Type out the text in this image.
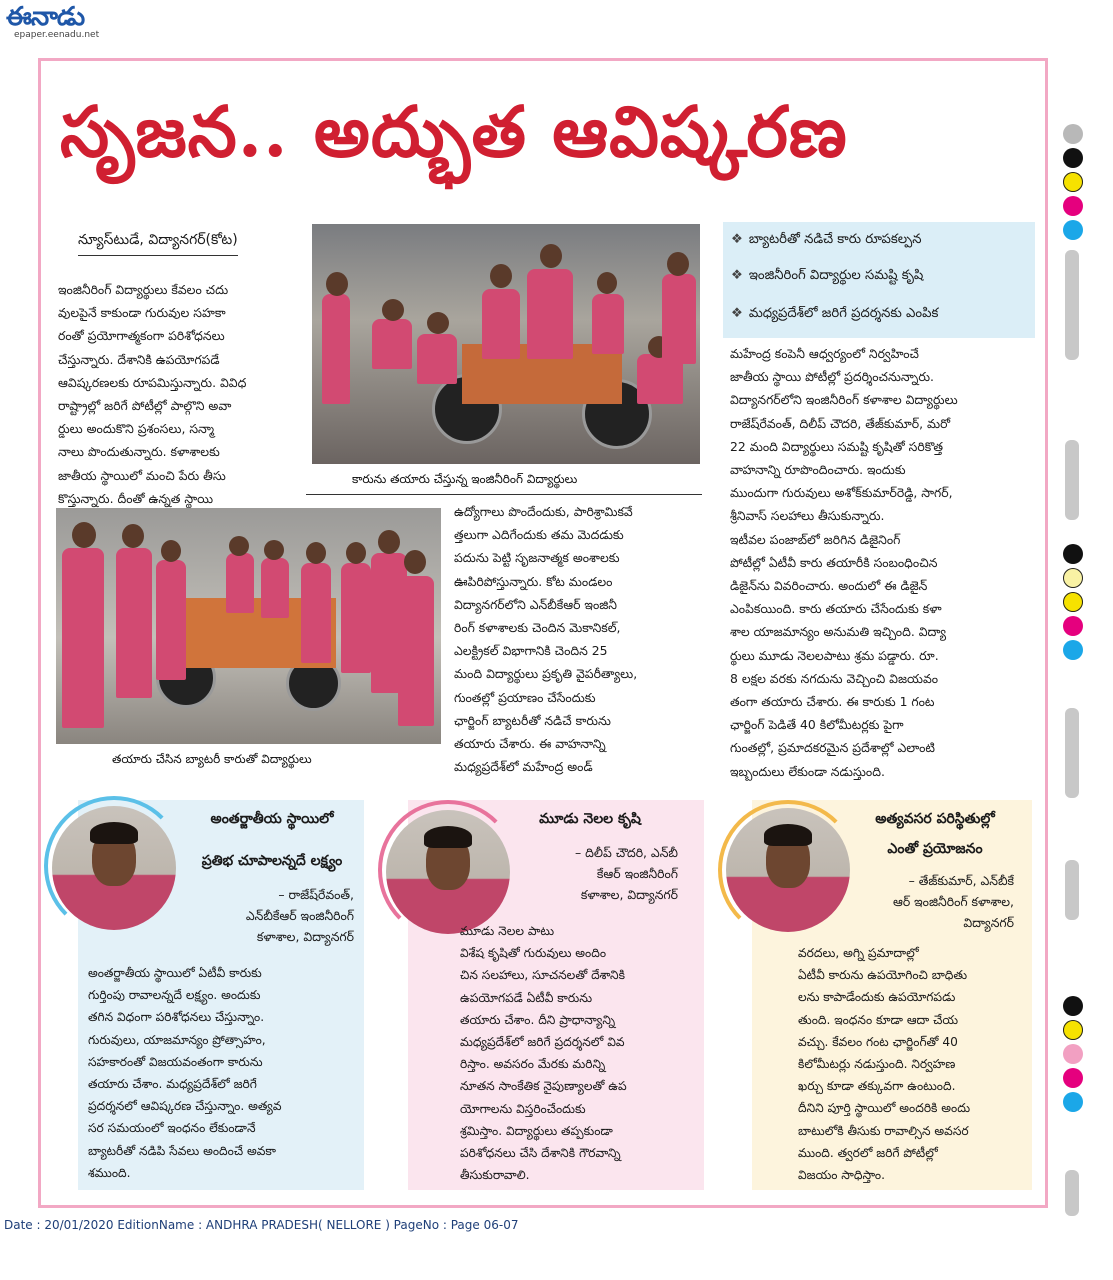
ఈనాడు
epaper.eenadu.net
సృజన.. అద్భుత ఆవిష్కరణ
న్యూస్‌టుడే, విద్యానగర్(కోట)
ఇంజినీరింగ్ విద్యార్థులు కేవలం చదు
వులపైనే కాకుండా గురువుల సహకా
రంతో ప్రయోగాత్మకంగా పరిశోధనలు
చేస్తున్నారు. దేశానికి ఉపయోగపడే
ఆవిష్కరణలకు రూపమిస్తున్నారు. వివిధ
రాష్ట్రాల్లో జరిగే పోటీల్లో పాల్గొని అవా
ర్డులు అందుకొని ప్రశంసలు, సన్మా
నాలు పొందుతున్నారు. కళాశాలకు
జాతీయ స్థాయిలో మంచి పేరు తీసు
కొస్తున్నారు. దీంతో ఉన్నత స్థాయి
కారును తయారు చేస్తున్న ఇంజినీరింగ్ విద్యార్థులు
తయారు చేసిన బ్యాటరీ కారుతో విద్యార్థులు
ఉద్యోగాలు పొందేందుకు, పారిశ్రామికవే
త్తలుగా ఎదిగేందుకు తమ మెదడుకు
పదును పెట్టి సృజనాత్మక అంశాలకు
ఊపిరిపోస్తున్నారు. కోట మండలం
విద్యానగర్‌లోని ఎన్‌బీకేఆర్ ఇంజినీ
రింగ్ కళాశాలకు చెందిన మెకానికల్,
ఎలక్ట్రికల్ విభాగానికి చెందిన 25
మంది విద్యార్థులు ప్రకృతి వైపరీత్యాలు,
గుంతల్లో ప్రయాణం చేసేందుకు
ఛార్జింగ్ బ్యాటరీతో నడిచే కారును
తయారు చేశారు. ఈ వాహనాన్ని
మధ్యప్రదేశ్‌లో మహేంద్ర అండ్
❖ బ్యాటరీతో నడిచే కారు రూపకల్పన
❖ ఇంజినీరింగ్ విద్యార్థుల సమష్టి కృషి
❖ మధ్యప్రదేశ్‌లో జరిగే ప్రదర్శనకు ఎంపిక
మహేంద్ర కంపెనీ ఆధ్వర్యంలో నిర్వహించే
జాతీయ స్థాయి పోటీల్లో ప్రదర్శించనున్నారు.
విద్యానగర్‌లోని ఇంజినీరింగ్ కళాశాల విద్యార్థులు
రాజేష్‌రేవంత్, దిలీప్ చౌదరి, తేజ్‌కుమార్, మరో
22 మంది విద్యార్థులు సమష్టి కృషితో సరికొత్త
వాహనాన్ని రూపొందించారు. ఇందుకు
ముందుగా గురువులు అశోక్‌కుమార్‌రెడ్డి, సాగర్,
శ్రీనివాస్ సలహాలు తీసుకున్నారు.
ఇటీవల పంజాబ్‌లో జరిగిన డిజైనింగ్
పోటీల్లో ఏటీవీ కారు తయారీకి సంబంధించిన
డిజైన్‌ను వివరించారు. అందులో ఈ డిజైన్
ఎంపికయింది. కారు తయారు చేసేందుకు కళా
శాల యాజమాన్యం అనుమతి ఇచ్చింది. విద్యా
ర్థులు మూడు నెలలపాటు శ్రమ పడ్డారు. రూ.
8 లక్షల వరకు నగదును వెచ్చించి విజయవం
తంగా తయారు చేశారు. ఈ కారుకు 1 గంట
ఛార్జింగ్ పెడితే 40 కిలోమీటర్లకు పైగా
గుంతల్లో, ప్రమాదకరమైన ప్రదేశాల్లో ఎలాంటి
ఇబ్బందులు లేకుండా నడుస్తుంది.
అంతర్జాతీయ స్థాయిలో
ప్రతిభ చూపాలన్నదే లక్ష్యం
– రాజేష్‌రేవంత్,
ఎన్‌బీకేఆర్ ఇంజినీరింగ్
కళాశాల, విద్యానగర్
అంతర్జాతీయ స్థాయిలో ఏటీవీ కారుకు
గుర్తింపు రావాలన్నదే లక్ష్యం. అందుకు
తగిన విధంగా పరిశోధనలు చేస్తున్నాం.
గురువులు, యాజమాన్యం ప్రోత్సాహం,
సహకారంతో విజయవంతంగా కారును
తయారు చేశాం. మధ్యప్రదేశ్‌లో జరిగే
ప్రదర్శనలో ఆవిష్కరణ చేస్తున్నాం. అత్యవ
సర సమయంలో ఇంధనం లేకుండానే
బ్యాటరీతో నడిపి సేవలు అందించే అవకా
శముంది.
మూడు నెలల కృషి
– దిలీప్ చౌదరి, ఎన్‌బీ
కేఆర్ ఇంజినీరింగ్
కళాశాల, విద్యానగర్
మూడు నెలల పాటు
విశేష కృషితో గురువులు అందిం
చిన సలహాలు, సూచనలతో దేశానికి
ఉపయోగపడే ఏటీవీ కారును
తయారు చేశాం. దీని ప్రాధాన్యాన్ని
మధ్యప్రదేశ్‌లో జరిగే ప్రదర్శనలో వివ
రిస్తాం. అవసరం మేరకు మరిన్ని
నూతన సాంకేతిక నైపుణ్యాలతో ఉప
యోగాలను విస్తరించేందుకు
శ్రమిస్తాం. విద్యార్థులు తప్పకుండా
పరిశోధనలు చేసి దేశానికి గౌరవాన్ని
తీసుకురావాలి.
అత్యవసర పరిస్థితుల్లో
ఎంతో ప్రయోజనం
– తేజ్‌కుమార్, ఎన్‌బీకే
ఆర్ ఇంజినీరింగ్ కళాశాల,
విద్యానగర్
వరదలు, అగ్ని ప్రమాదాల్లో
ఏటీవీ కారును ఉపయోగించి బాధితు
లను కాపాడేందుకు ఉపయోగపడు
తుంది. ఇంధనం కూడా ఆదా చేయ
వచ్చు. కేవలం గంట ఛార్జింగ్‌తో 40
కిలోమీటర్లు నడుస్తుంది. నిర్వహణ
ఖర్చు కూడా తక్కువగా ఉంటుంది.
దీనిని పూర్తి స్థాయిలో అందరికి అందు
బాటులోకి తీసుకు రావాల్సిన అవసర
ముంది. త్వరలో జరిగే పోటీల్లో
విజయం సాధిస్తాం.
Date : 20/01/2020 EditionName : ANDHRA PRADESH( NELLORE ) PageNo : Page 06-07
